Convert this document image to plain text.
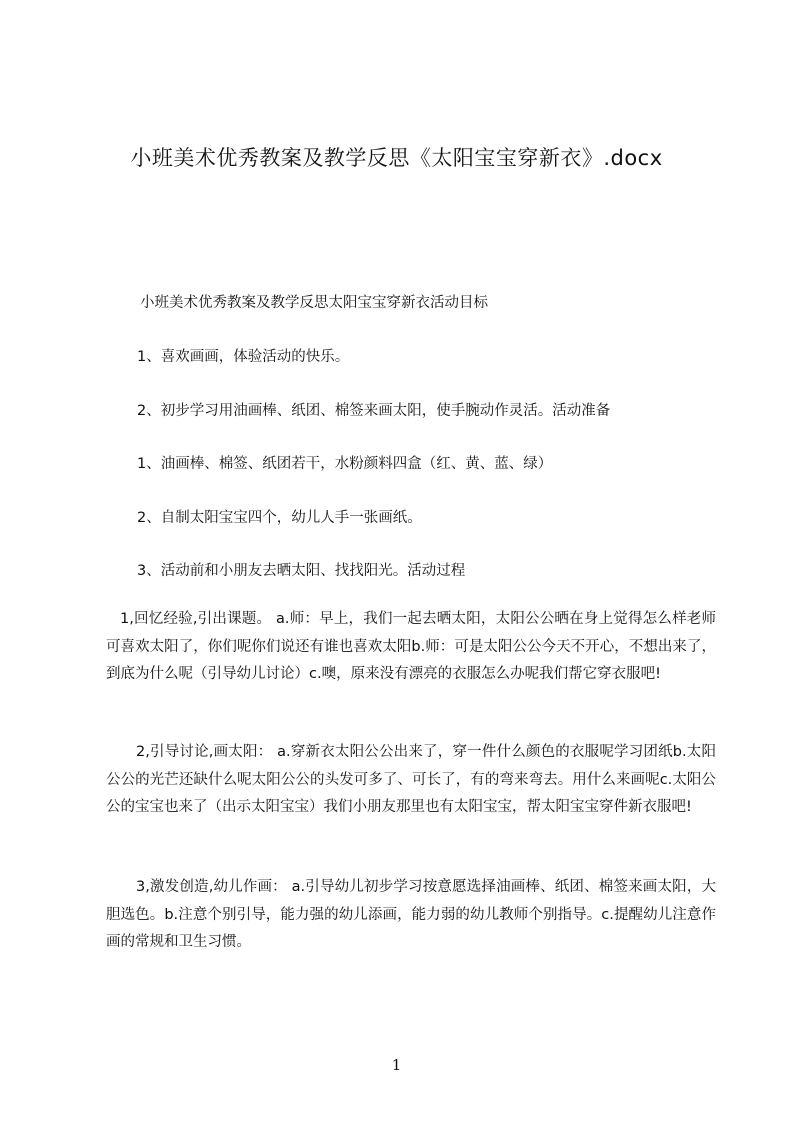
小班美术优秀教案及教学反思《太阳宝宝穿新衣》.docx
小班美术优秀教案及教学反思太阳宝宝穿新衣活动目标
1、喜欢画画，体验活动的快乐。
2、初步学习用油画棒、纸团、棉签来画太阳，使手腕动作灵活。活动准备
1、油画棒、棉签、纸团若干，水粉颜料四盒（红、黄、蓝、绿）
2、自制太阳宝宝四个，幼儿人手一张画纸。
3、活动前和小朋友去晒太阳、找找阳光。活动过程
1,回忆经验,引出课题。 a.师：早上，我们一起去晒太阳，太阳公公晒在身上觉得怎么样老师可喜欢太阳了，你们呢你们说还有谁也喜欢太阳b.师：可是太阳公公今天不开心，不想出来了，到底为什么呢（引导幼儿讨论）c.噢，原来没有漂亮的衣服怎么办呢我们帮它穿衣服吧!
2,引导讨论,画太阳： a.穿新衣太阳公公出来了，穿一件什么颜色的衣服呢学习团纸b.太阳公公的光芒还缺什么呢太阳公公的头发可多了、可长了，有的弯来弯去。用什么来画呢c.太阳公公的宝宝也来了（出示太阳宝宝）我们小朋友那里也有太阳宝宝，帮太阳宝宝穿件新衣服吧!
3,激发创造,幼儿作画： a.引导幼儿初步学习按意愿选择油画棒、纸团、棉签来画太阳，大胆选色。b.注意个别引导，能力强的幼儿添画，能力弱的幼儿教师个别指导。c.提醒幼儿注意作画的常规和卫生习惯。
1
